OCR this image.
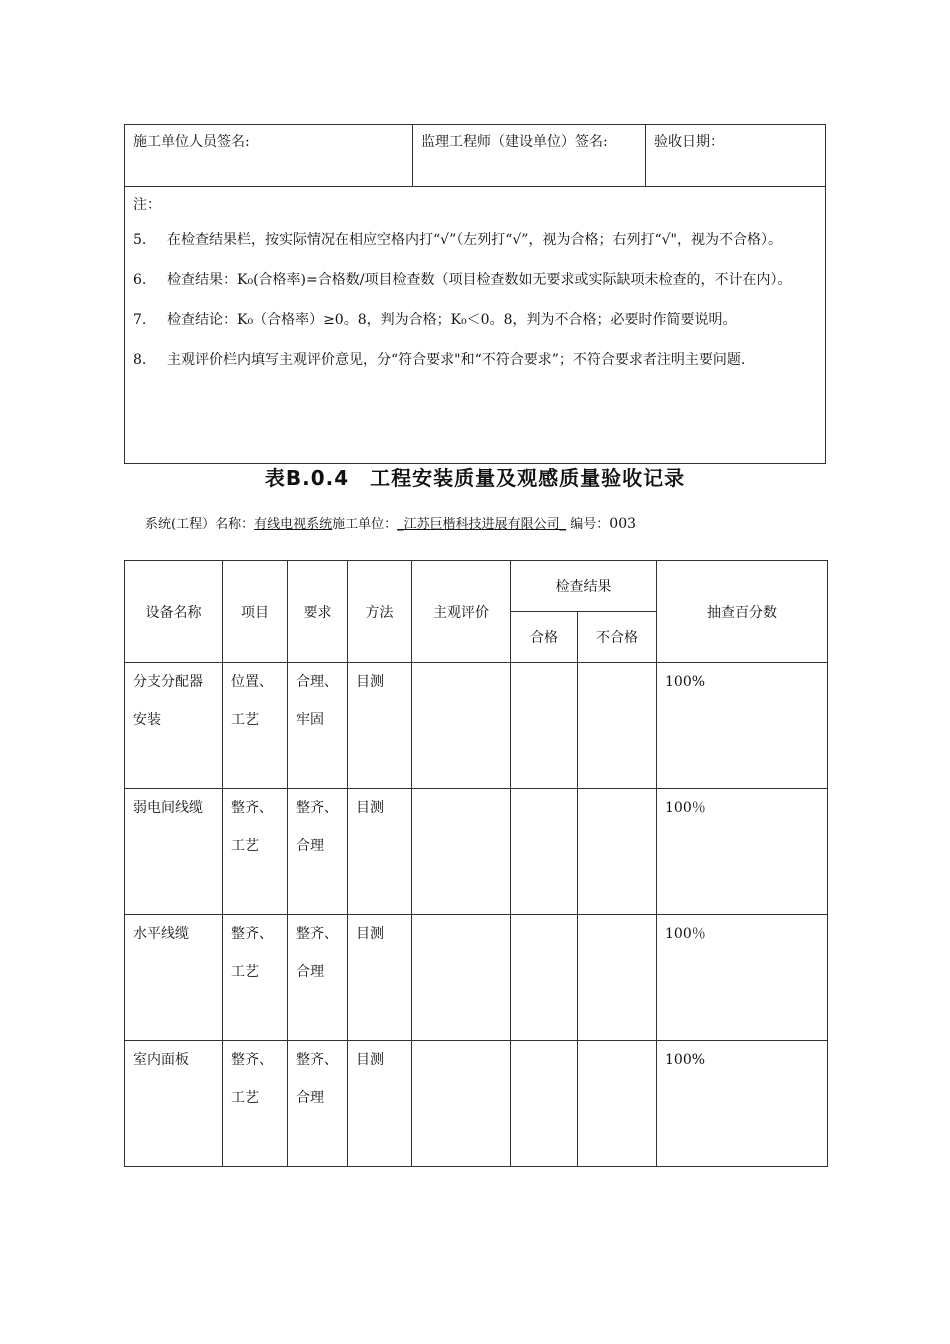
施工单位人员签名:	监理工程师（建设单位）签名:	验收日期：
注：
5.	在检查结果栏，按实际情况在相应空格内打“√”（左列打“√”，视为合格；右列打“√"，视为不合格）。
6.	检查结果：K₀(合格率)=合格数/项目检查数（项目检查数如无要求或实际缺项未检查的，不计在内）。
7.	检查结论：K₀（合格率）≥0。8，判为合格；K₀＜0。8，判为不合格；必要时作简要说明。
8.	主观评价栏内填写主观评价意见，分“符合要求"和“不符合要求”；不符合要求者注明主要问题.
表B.0.4　工程安装质量及观感质量验收记录
系统(工程）名称：有线电视系统施工单位：_江苏巨楷科技进展有限公司_ 编号：003
设备名称	项目	要求	方法	主观评价	检查结果		抽查百分数
					合格	不合格	
分支分配器安装	位置、工艺	合理、牢固	目测				100%
弱电间线缆	整齐、工艺	整齐、合理	目测				100％
水平线缆	整齐、工艺	整齐、合理	目测				100％
室内面板	整齐、工艺	整齐、合理	目测				100%
